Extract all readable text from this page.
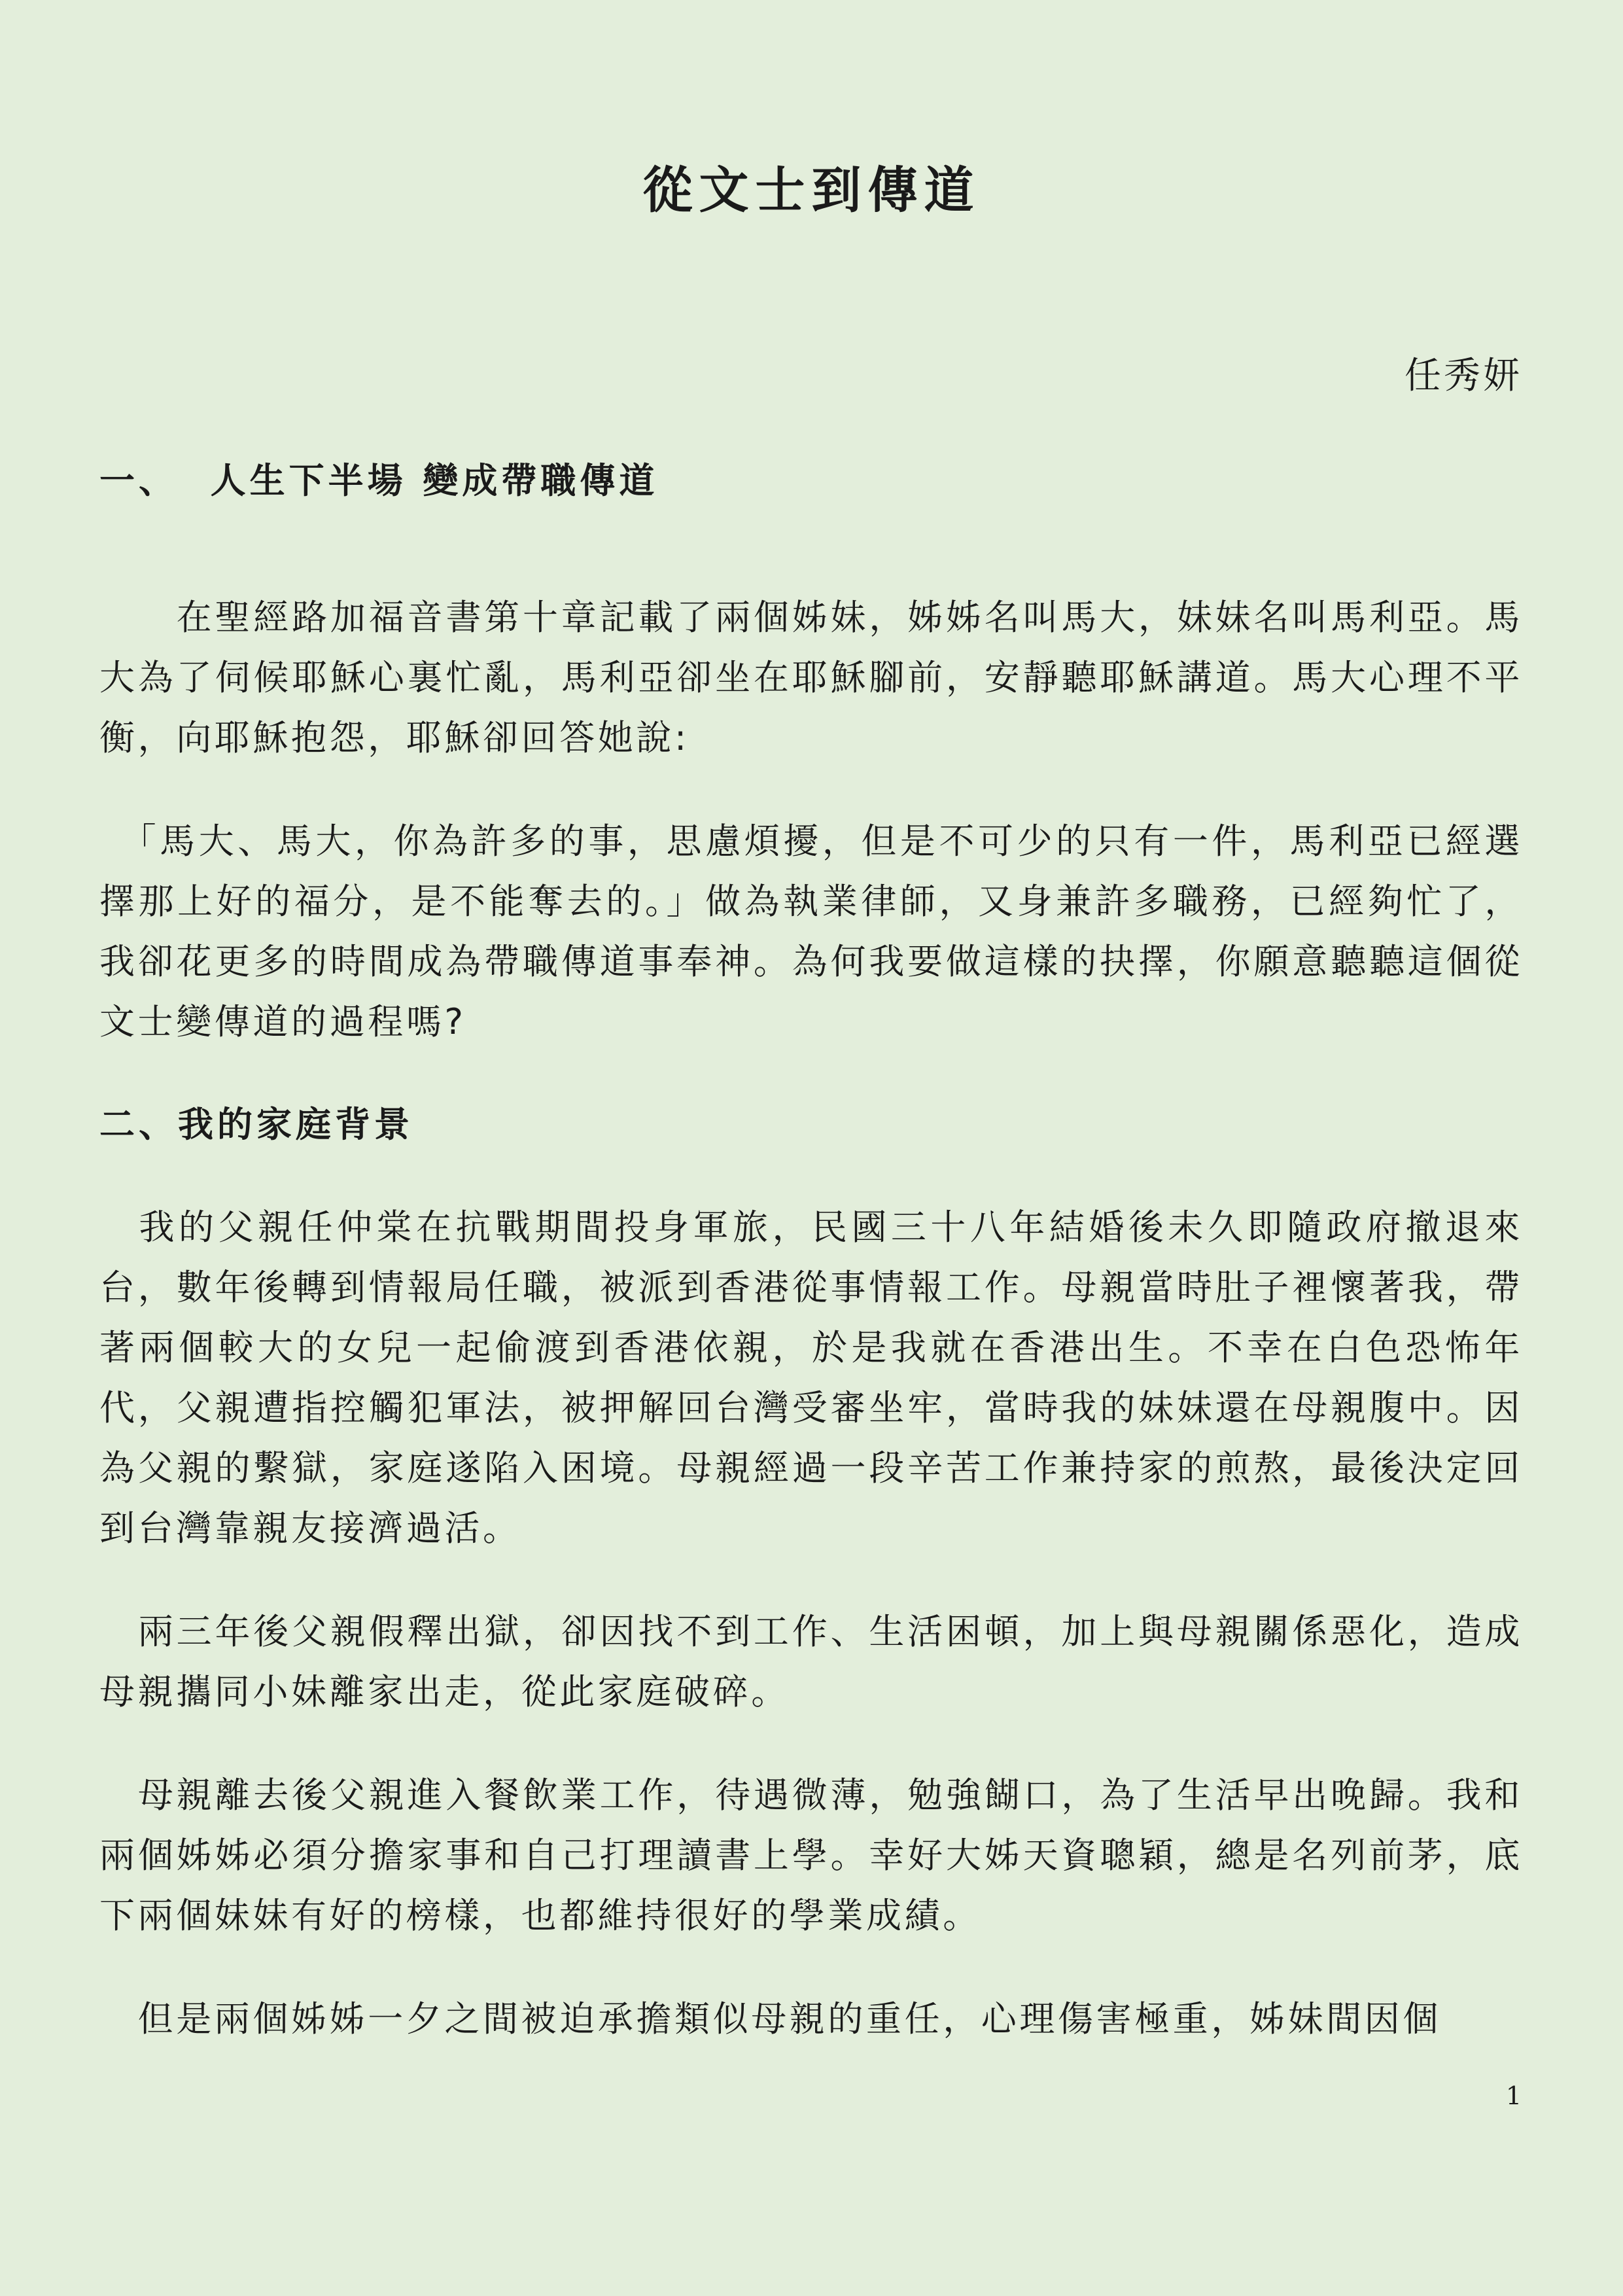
從文士到傳道
任秀妍
一、  人生下半場 變成帶職傳道

　　在聖經路加福音書第十章記載了兩個姊妹，姊姊名叫馬大，妹妹名叫馬利亞。馬大為了伺候耶穌心裏忙亂，馬利亞卻坐在耶穌腳前，安靜聽耶穌講道。馬大心理不平衡，向耶穌抱怨，耶穌卻回答她說:

　「馬大、馬大，你為許多的事，思慮煩擾，但是不可少的只有一件，馬利亞已經選擇那上好的福分，是不能奪去的。」做為執業律師，又身兼許多職務，已經夠忙了，我卻花更多的時間成為帶職傳道事奉神。為何我要做這樣的抉擇，你願意聽聽這個從文士變傳道的過程嗎?

二、我的家庭背景

　我的父親任仲棠在抗戰期間投身軍旅，民國三十八年結婚後未久即隨政府撤退來台，數年後轉到情報局任職，被派到香港從事情報工作。母親當時肚子裡懷著我，帶著兩個較大的女兒一起偷渡到香港依親，於是我就在香港出生。不幸在白色恐怖年代，父親遭指控觸犯軍法，被押解回台灣受審坐牢，當時我的妹妹還在母親腹中。因為父親的繫獄，家庭遂陷入困境。母親經過一段辛苦工作兼持家的煎熬，最後決定回到台灣靠親友接濟過活。

　兩三年後父親假釋出獄，卻因找不到工作、生活困頓，加上與母親關係惡化，造成母親攜同小妹離家出走，從此家庭破碎。

　母親離去後父親進入餐飲業工作，待遇微薄，勉強餬口，為了生活早出晚歸。我和兩個姊姊必須分擔家事和自己打理讀書上學。幸好大姊天資聰穎，總是名列前茅，底下兩個妹妹有好的榜樣，也都維持很好的學業成績。

　但是兩個姊姊一夕之間被迫承擔類似母親的重任，心理傷害極重，姊妹間因個

1
